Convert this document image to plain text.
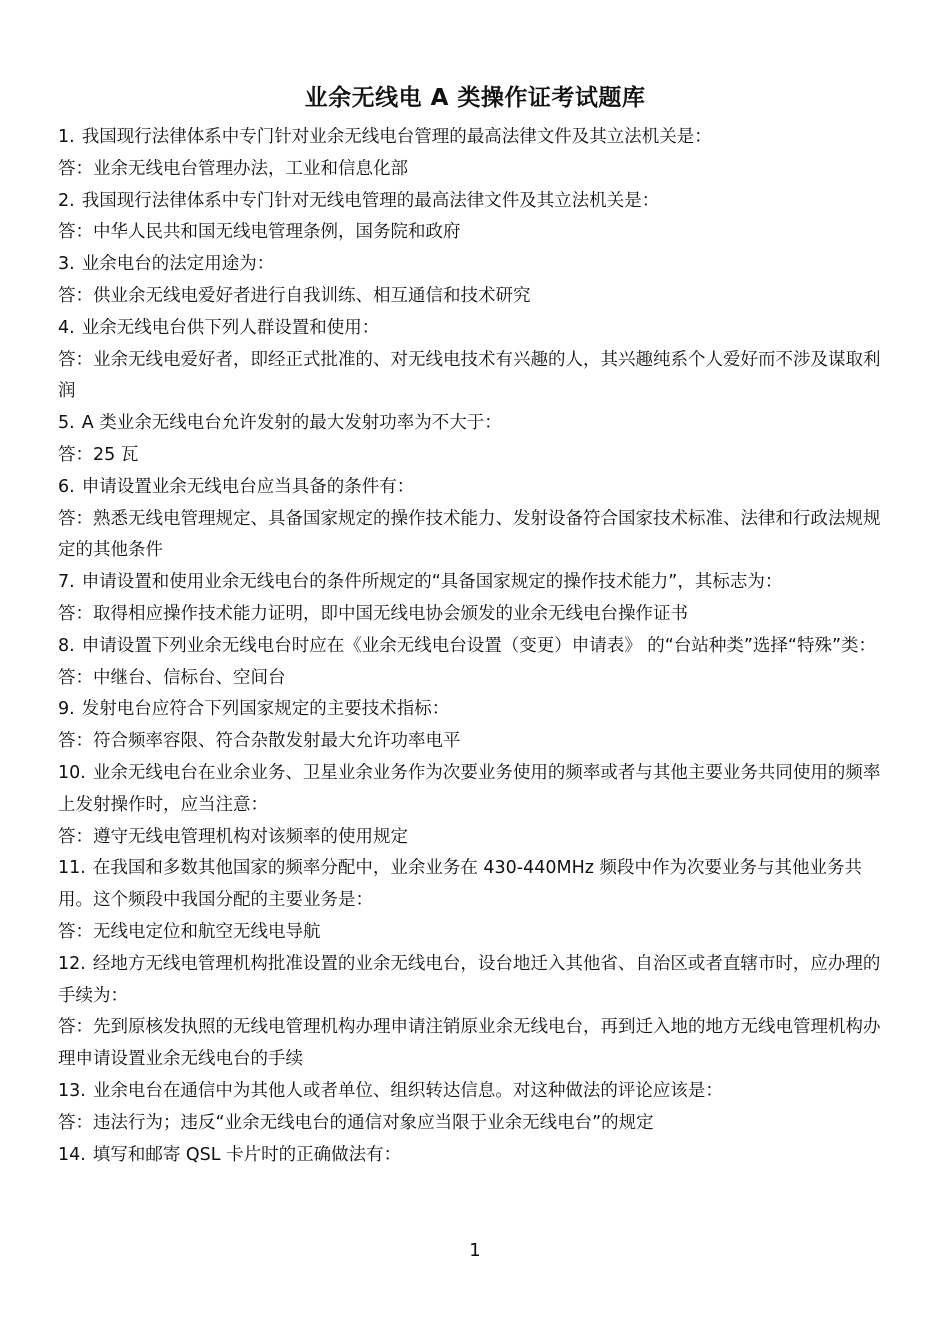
业余无线电 A 类操作证考试题库
1. 我国现行法律体系中专门针对业余无线电台管理的最高法律文件及其立法机关是：
答：业余无线电台管理办法，工业和信息化部
2. 我国现行法律体系中专门针对无线电管理的最高法律文件及其立法机关是：
答：中华人民共和国无线电管理条例，国务院和政府
3. 业余电台的法定用途为：
答：供业余无线电爱好者进行自我训练、相互通信和技术研究
4. 业余无线电台供下列人群设置和使用：
答：业余无线电爱好者，即经正式批准的、对无线电技术有兴趣的人，其兴趣纯系个人爱好而不涉及谋取利润
5. A 类业余无线电台允许发射的最大发射功率为不大于：
答：25 瓦
6. 申请设置业余无线电台应当具备的条件有：
答：熟悉无线电管理规定、具备国家规定的操作技术能力、发射设备符合国家技术标准、法律和行政法规规定的其他条件
7. 申请设置和使用业余无线电台的条件所规定的“具备国家规定的操作技术能力”，其标志为：
答：取得相应操作技术能力证明，即中国无线电协会颁发的业余无线电台操作证书
8. 申请设置下列业余无线电台时应在《业余无线电台设置（变更）申请表》 的“台站种类”选择“特殊”类：
答：中继台、信标台、空间台
9. 发射电台应符合下列国家规定的主要技术指标：
答：符合频率容限、符合杂散发射最大允许功率电平
10. 业余无线电台在业余业务、卫星业余业务作为次要业务使用的频率或者与其他主要业务共同使用的频率上发射操作时，应当注意：
答：遵守无线电管理机构对该频率的使用规定
11. 在我国和多数其他国家的频率分配中，业余业务在 430-440MHz 频段中作为次要业务与其他业务共用。这个频段中我国分配的主要业务是：
答：无线电定位和航空无线电导航
12. 经地方无线电管理机构批准设置的业余无线电台，设台地迁入其他省、自治区或者直辖市时，应办理的手续为：
答：先到原核发执照的无线电管理机构办理申请注销原业余无线电台，再到迁入地的地方无线电管理机构办理申请设置业余无线电台的手续
13. 业余电台在通信中为其他人或者单位、组织转达信息。对这种做法的评论应该是：
答：违法行为；违反“业余无线电台的通信对象应当限于业余无线电台”的规定
14. 填写和邮寄 QSL 卡片时的正确做法有：
1
